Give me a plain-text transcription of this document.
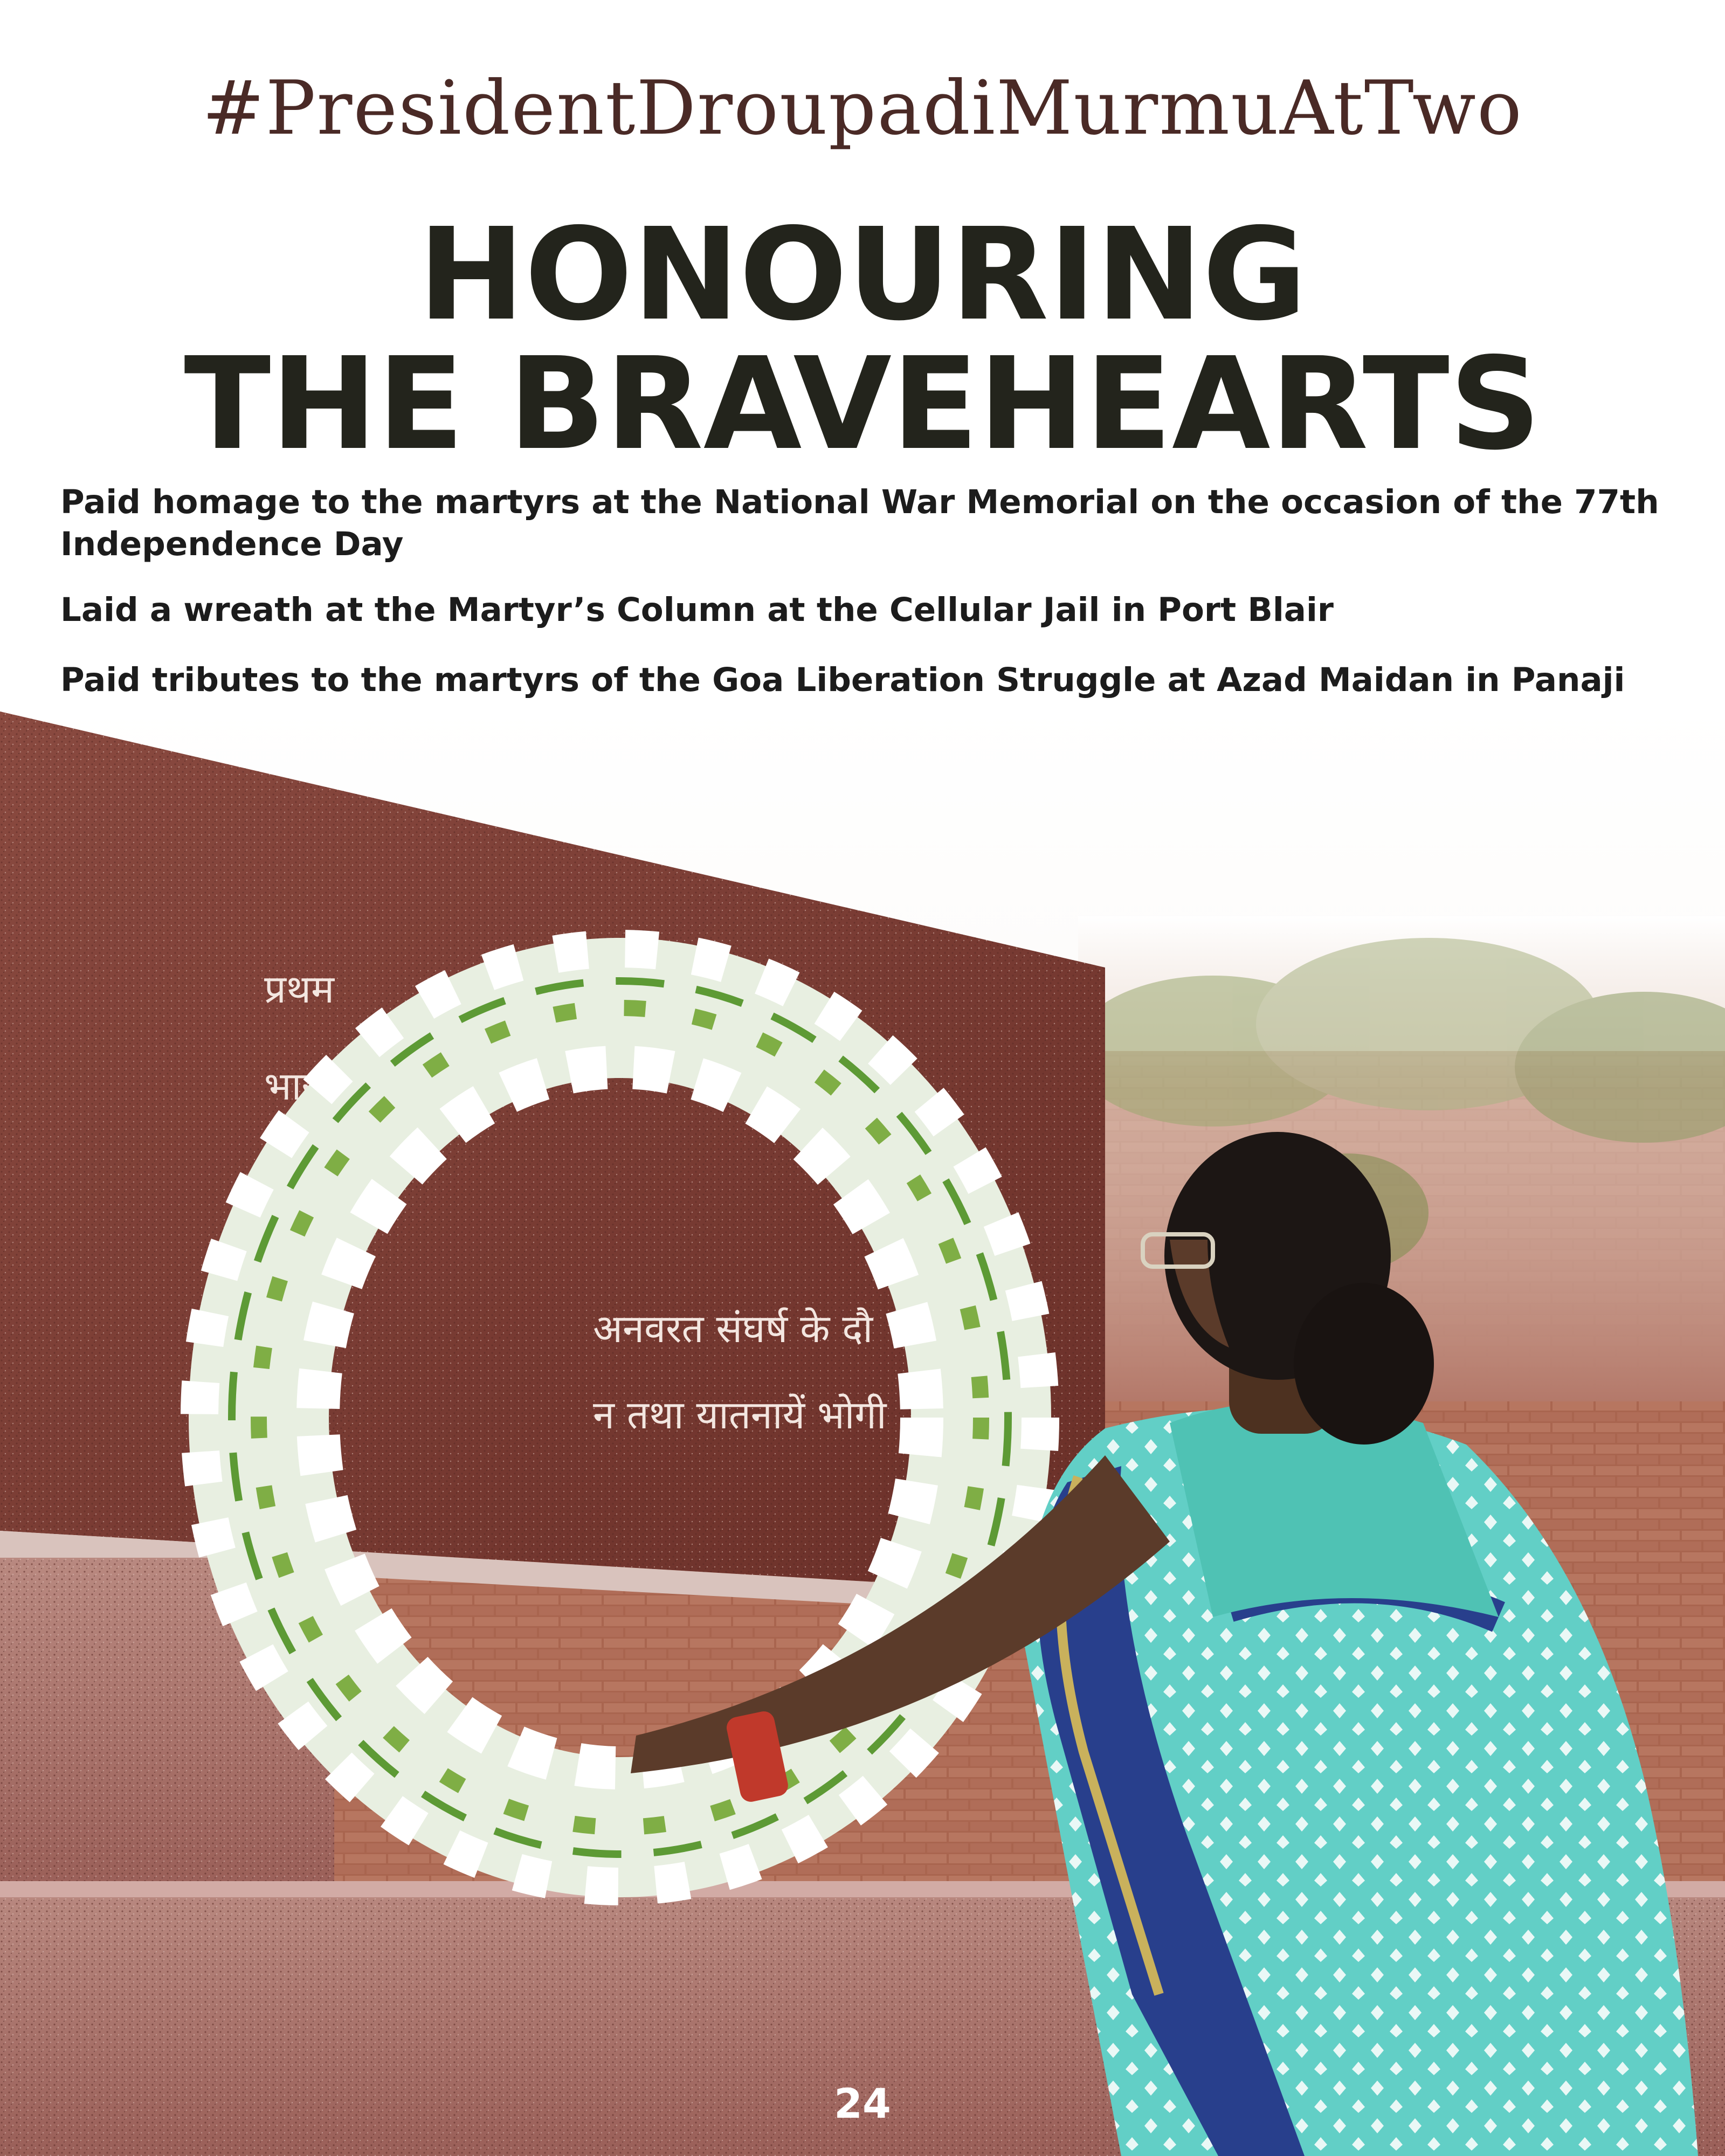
#PresidentDroupadiMurmuAtTwo
HONOURING
THE BRAVEHEARTS
Paid homage to the martyrs at the National War Memorial on the occasion of the 77th
Independence Day
Laid a wreath at the Martyr’s Column at the Cellular Jail in Port Blair
Paid tributes to the martyrs of the Goa Liberation Struggle at Azad Maidan in Panaji
प्रथम
भार
अनवरत संघर्ष के दौ
न तथा यातनायें भोगी
24
